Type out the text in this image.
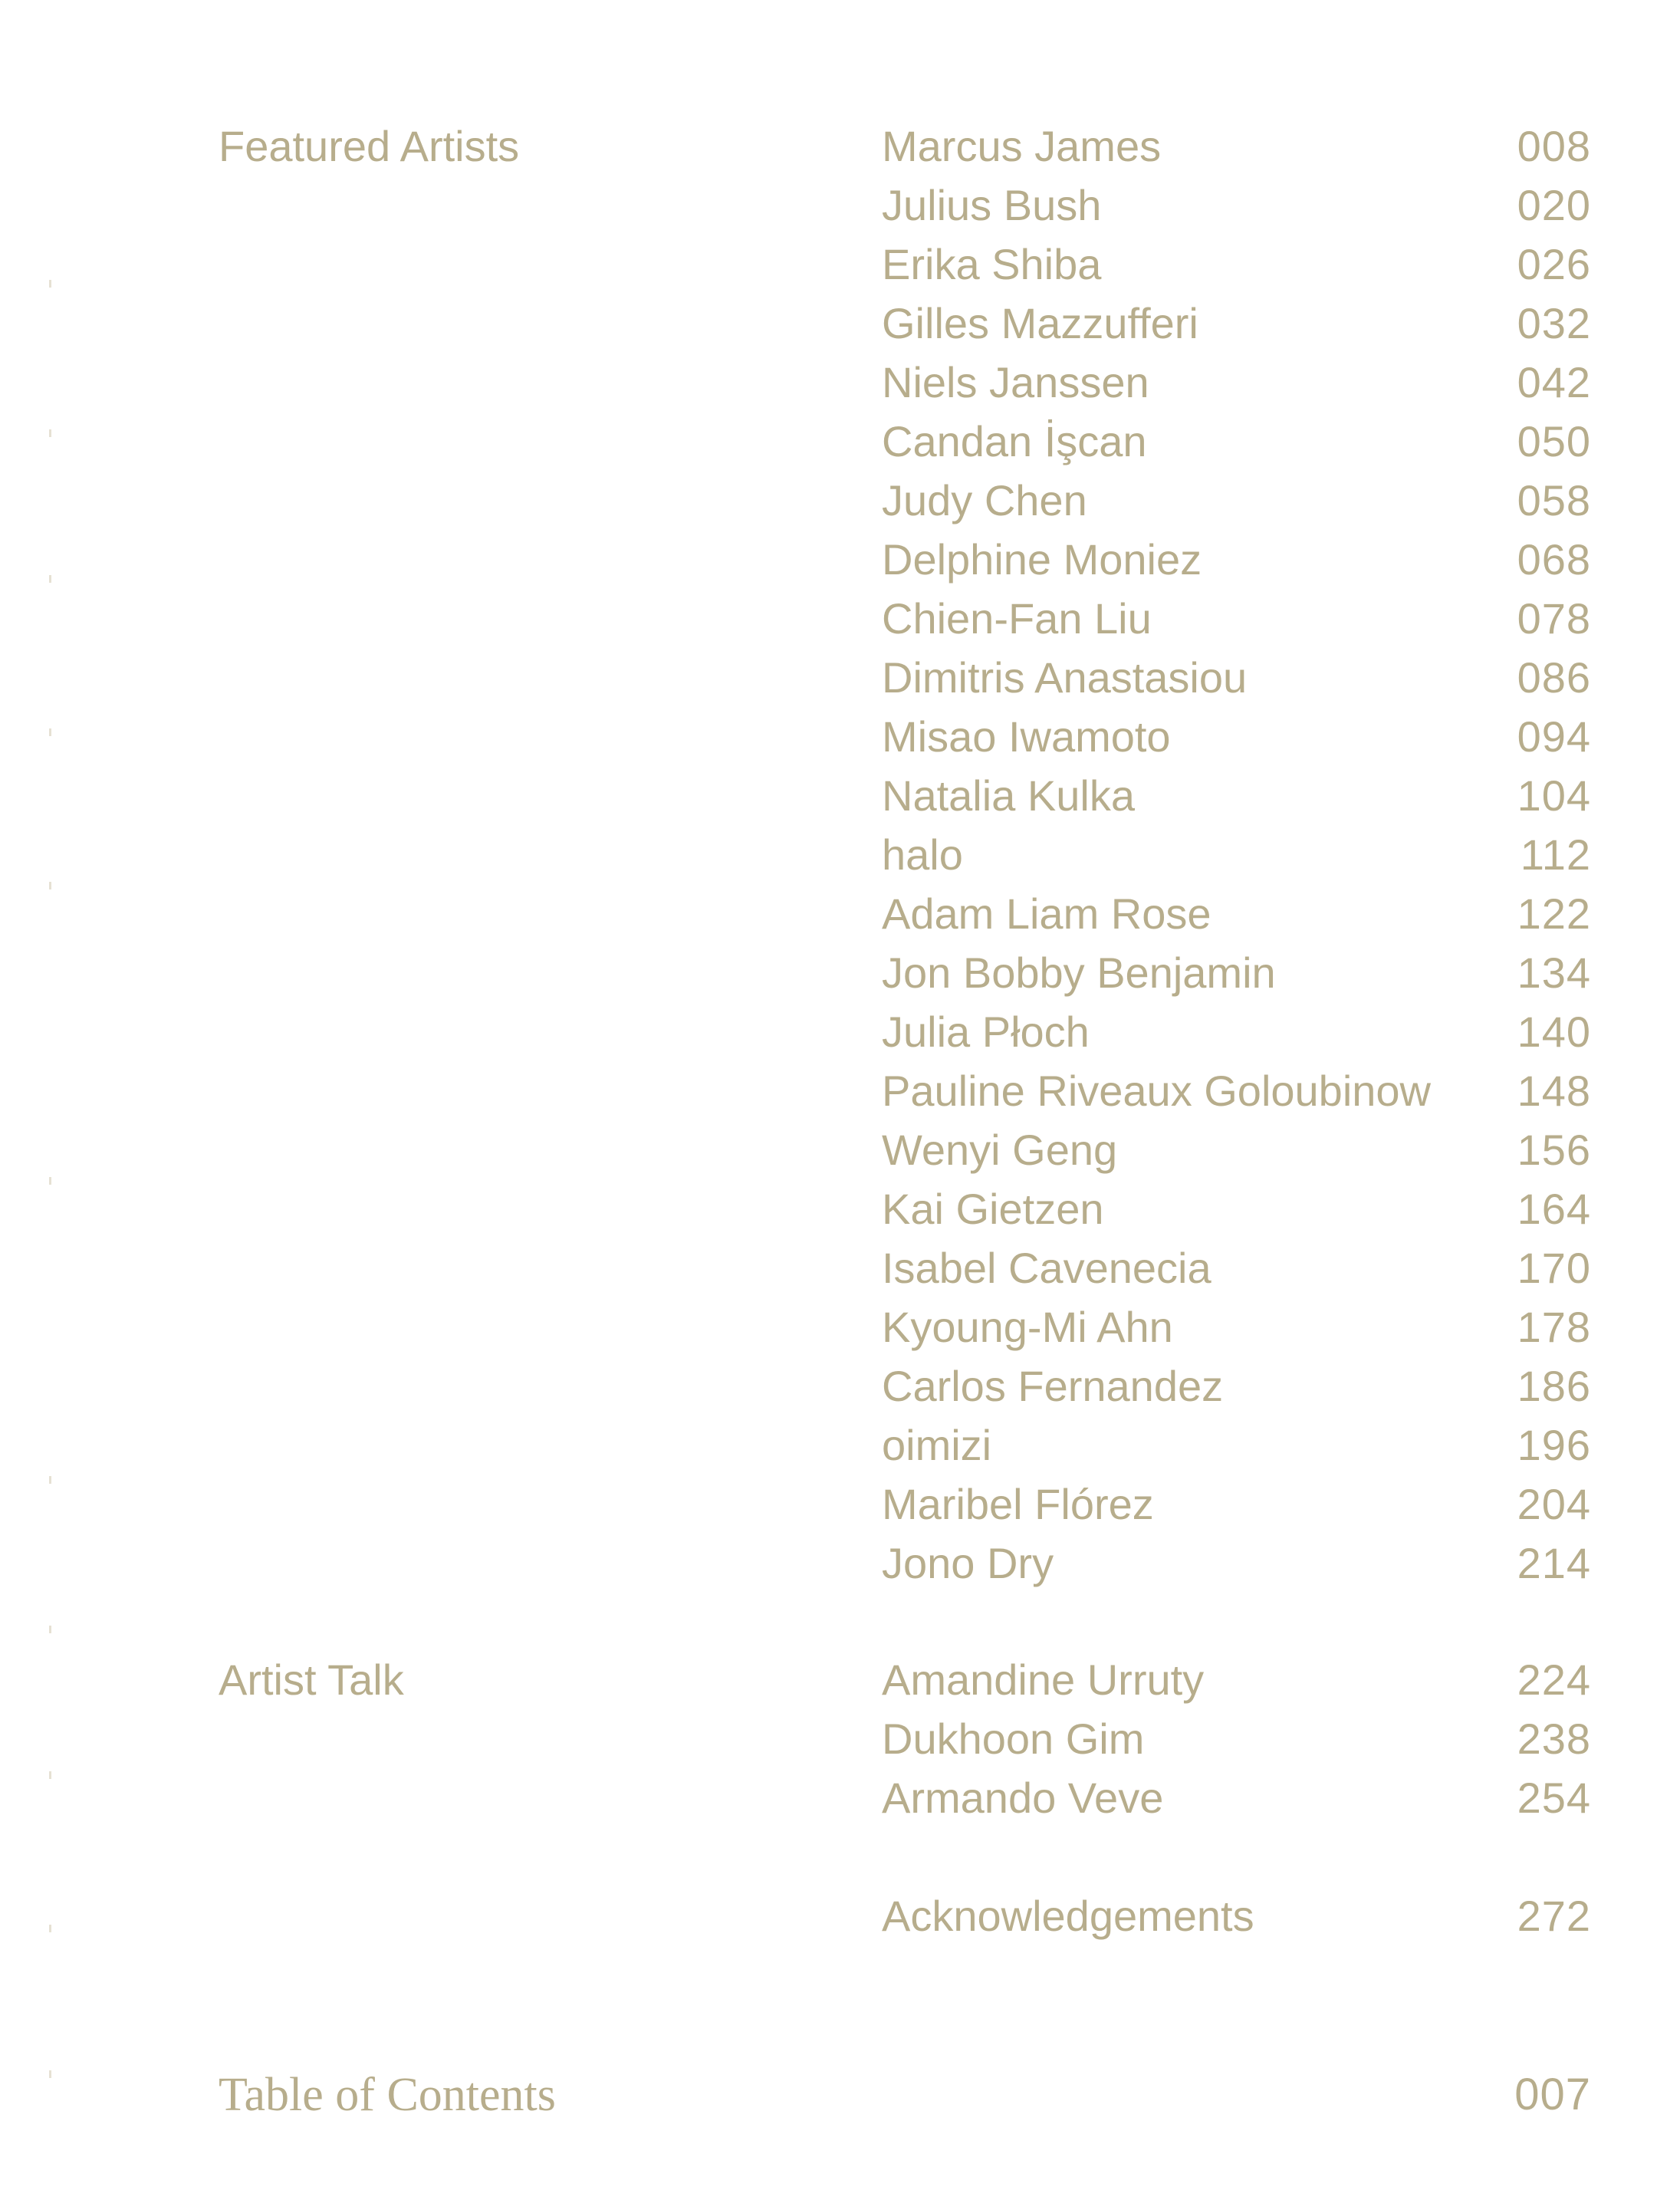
Featured Artists	Marcus James	008
Julius Bush	020
Erika Shiba	026
Gilles Mazzufferi	032
Niels Janssen	042
Candan İşcan	050
Judy Chen	058
Delphine Moniez	068
Chien-Fan Liu	078
Dimitris Anastasiou	086
Misao Iwamoto	094
Natalia Kulka	104
halo	112
Adam Liam Rose	122
Jon Bobby Benjamin	134
Julia Płoch	140
Pauline Riveaux Goloubinow 148
Wenyi Geng	156
Kai Gietzen	164
Isabel Cavenecia	170
Kyoung-Mi Ahn	178
Carlos Fernandez	186
oimizi	196
Maribel Flórez	204
Jono Dry	214
Artist Talk	Amandine Urruty	224
Dukhoon Gim	238
Armando Veve	254
Acknowledgements	272
Table of Contents	007
